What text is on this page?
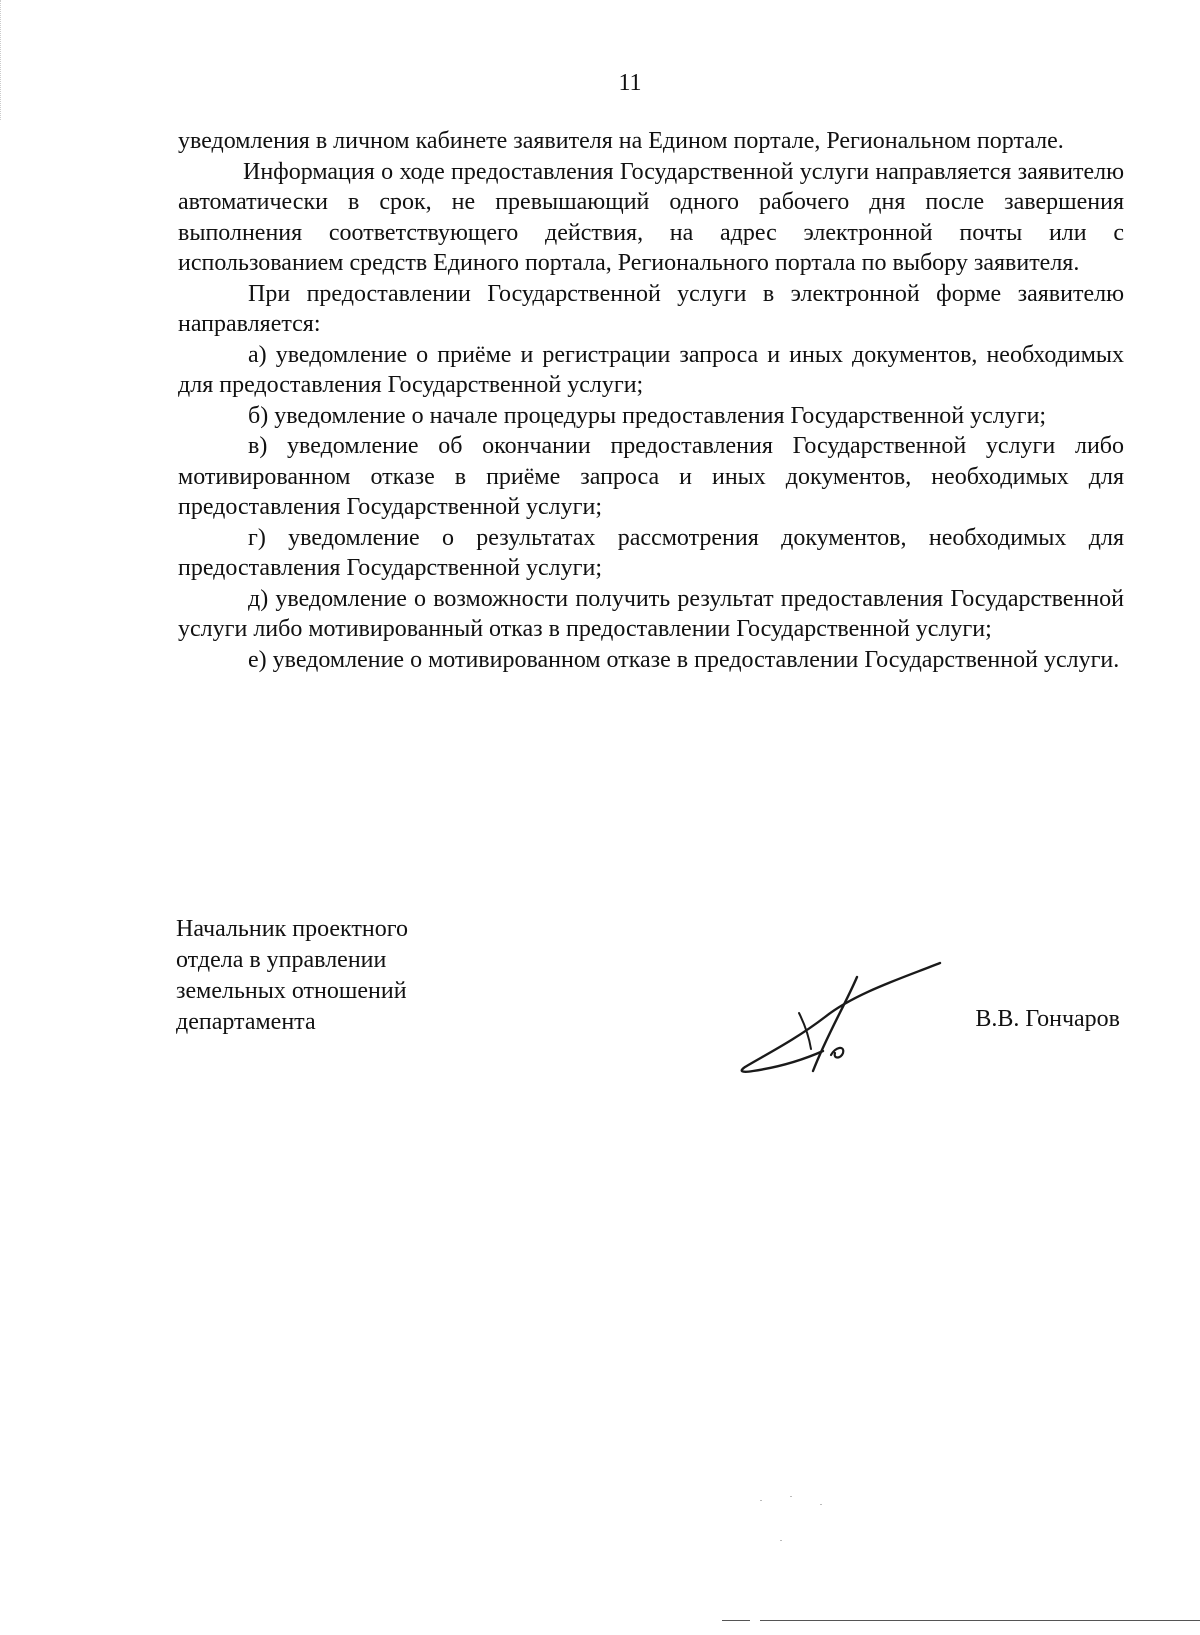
11

уведомления в личном кабинете заявителя на Едином портале, Региональном портале.

Информация о ходе предоставления Государственной услуги направляется заявителю автоматически в срок, не превышающий одного рабочего дня после завершения выполнения соответствующего действия, на адрес электронной почты или с использованием средств Единого портала, Регионального портала по выбору заявителя.

При предоставлении Государственной услуги в электронной форме заявителю направляется:

а) уведомление о приёме и регистрации запроса и иных документов, необходимых для предоставления Государственной услуги;

б) уведомление о начале процедуры предоставления Государственной услуги;

в) уведомление об окончании предоставления Государственной услуги либо мотивированном отказе в приёме запроса и иных документов, необходимых для предоставления Государственной услуги;

г) уведомление о результатах рассмотрения документов, необходимых для предоставления Государственной услуги;

д) уведомление о возможности получить результат предоставления Государственной услуги либо мотивированный отказ в предоставлении Государственной услуги;

е) уведомление о мотивированном отказе в предоставлении Государственной услуги.

Начальник проектного
отдела в управлении
земельных отношений
департамента	В.В. Гончаров
